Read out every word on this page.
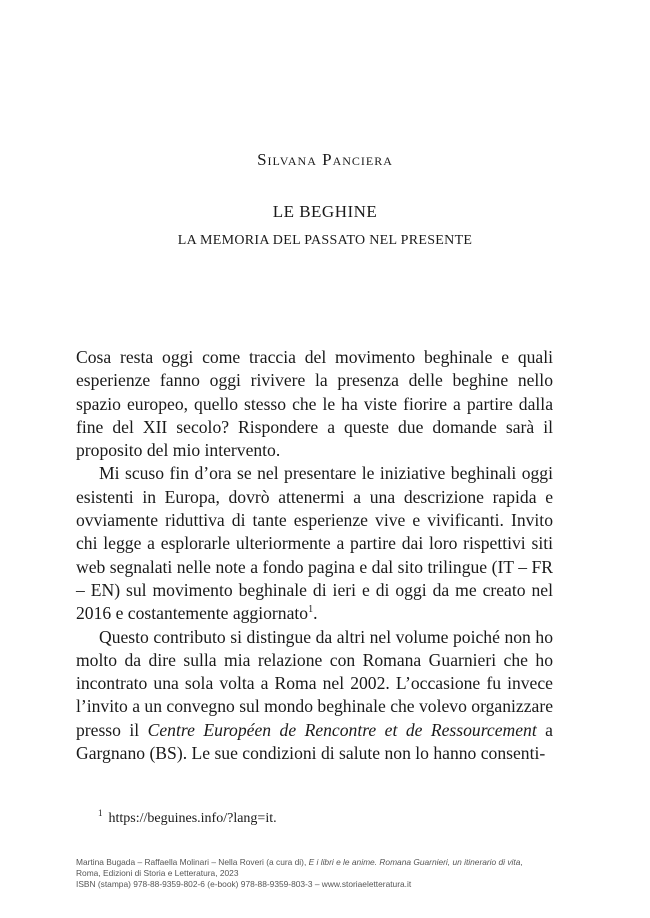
Silvana Panciera
LE BEGHINE
LA MEMORIA DEL PASSATO NEL PRESENTE

Cosa resta oggi come traccia del movimento beghinale e quali esperienze fanno oggi rivivere la presenza delle beghine nello spazio europeo, quello stesso che le ha viste fiorire a partire dalla fine del XII secolo? Rispondere a queste due domande sarà il proposito del mio intervento.

Mi scuso fin d’ora se nel presentare le iniziative beghinali oggi esistenti in Europa, dovrò attenermi a una descrizione rapida e ovviamente riduttiva di tante esperienze vive e vivificanti. Invito chi legge a esplorarle ulteriormente a partire dai loro rispettivi siti web segnalati nelle note a fondo pagina e dal sito trilingue (IT – FR – EN) sul movimento beghinale di ieri e di oggi da me creato nel 2016 e costantemente aggiornato$^1$.

Questo contributo si distingue da altri nel volume poiché non ho molto da dire sulla mia relazione con Romana Guarnieri che ho incontrato una sola volta a Roma nel 2002. L’occasione fu invece l’invito a un convegno sul mondo beghinale che volevo organizzare presso il Centre Européen de Rencontre et de Ressourcement a Gargnano (BS). Le sue condizioni di salute non lo hanno consenti-

$^1$ https://beguines.info/?lang=it.
Martina Bugada – Raffaella Molinari – Nella Roveri (a cura di), E i libri e le anime. Romana Guarnieri, un itinerario di vita,
Roma, Edizioni di Storia e Letteratura, 2023
ISBN (stampa) 978-88-9359-802-6 (e-book) 978-88-9359-803-3 – www.storiaeletteratura.it
